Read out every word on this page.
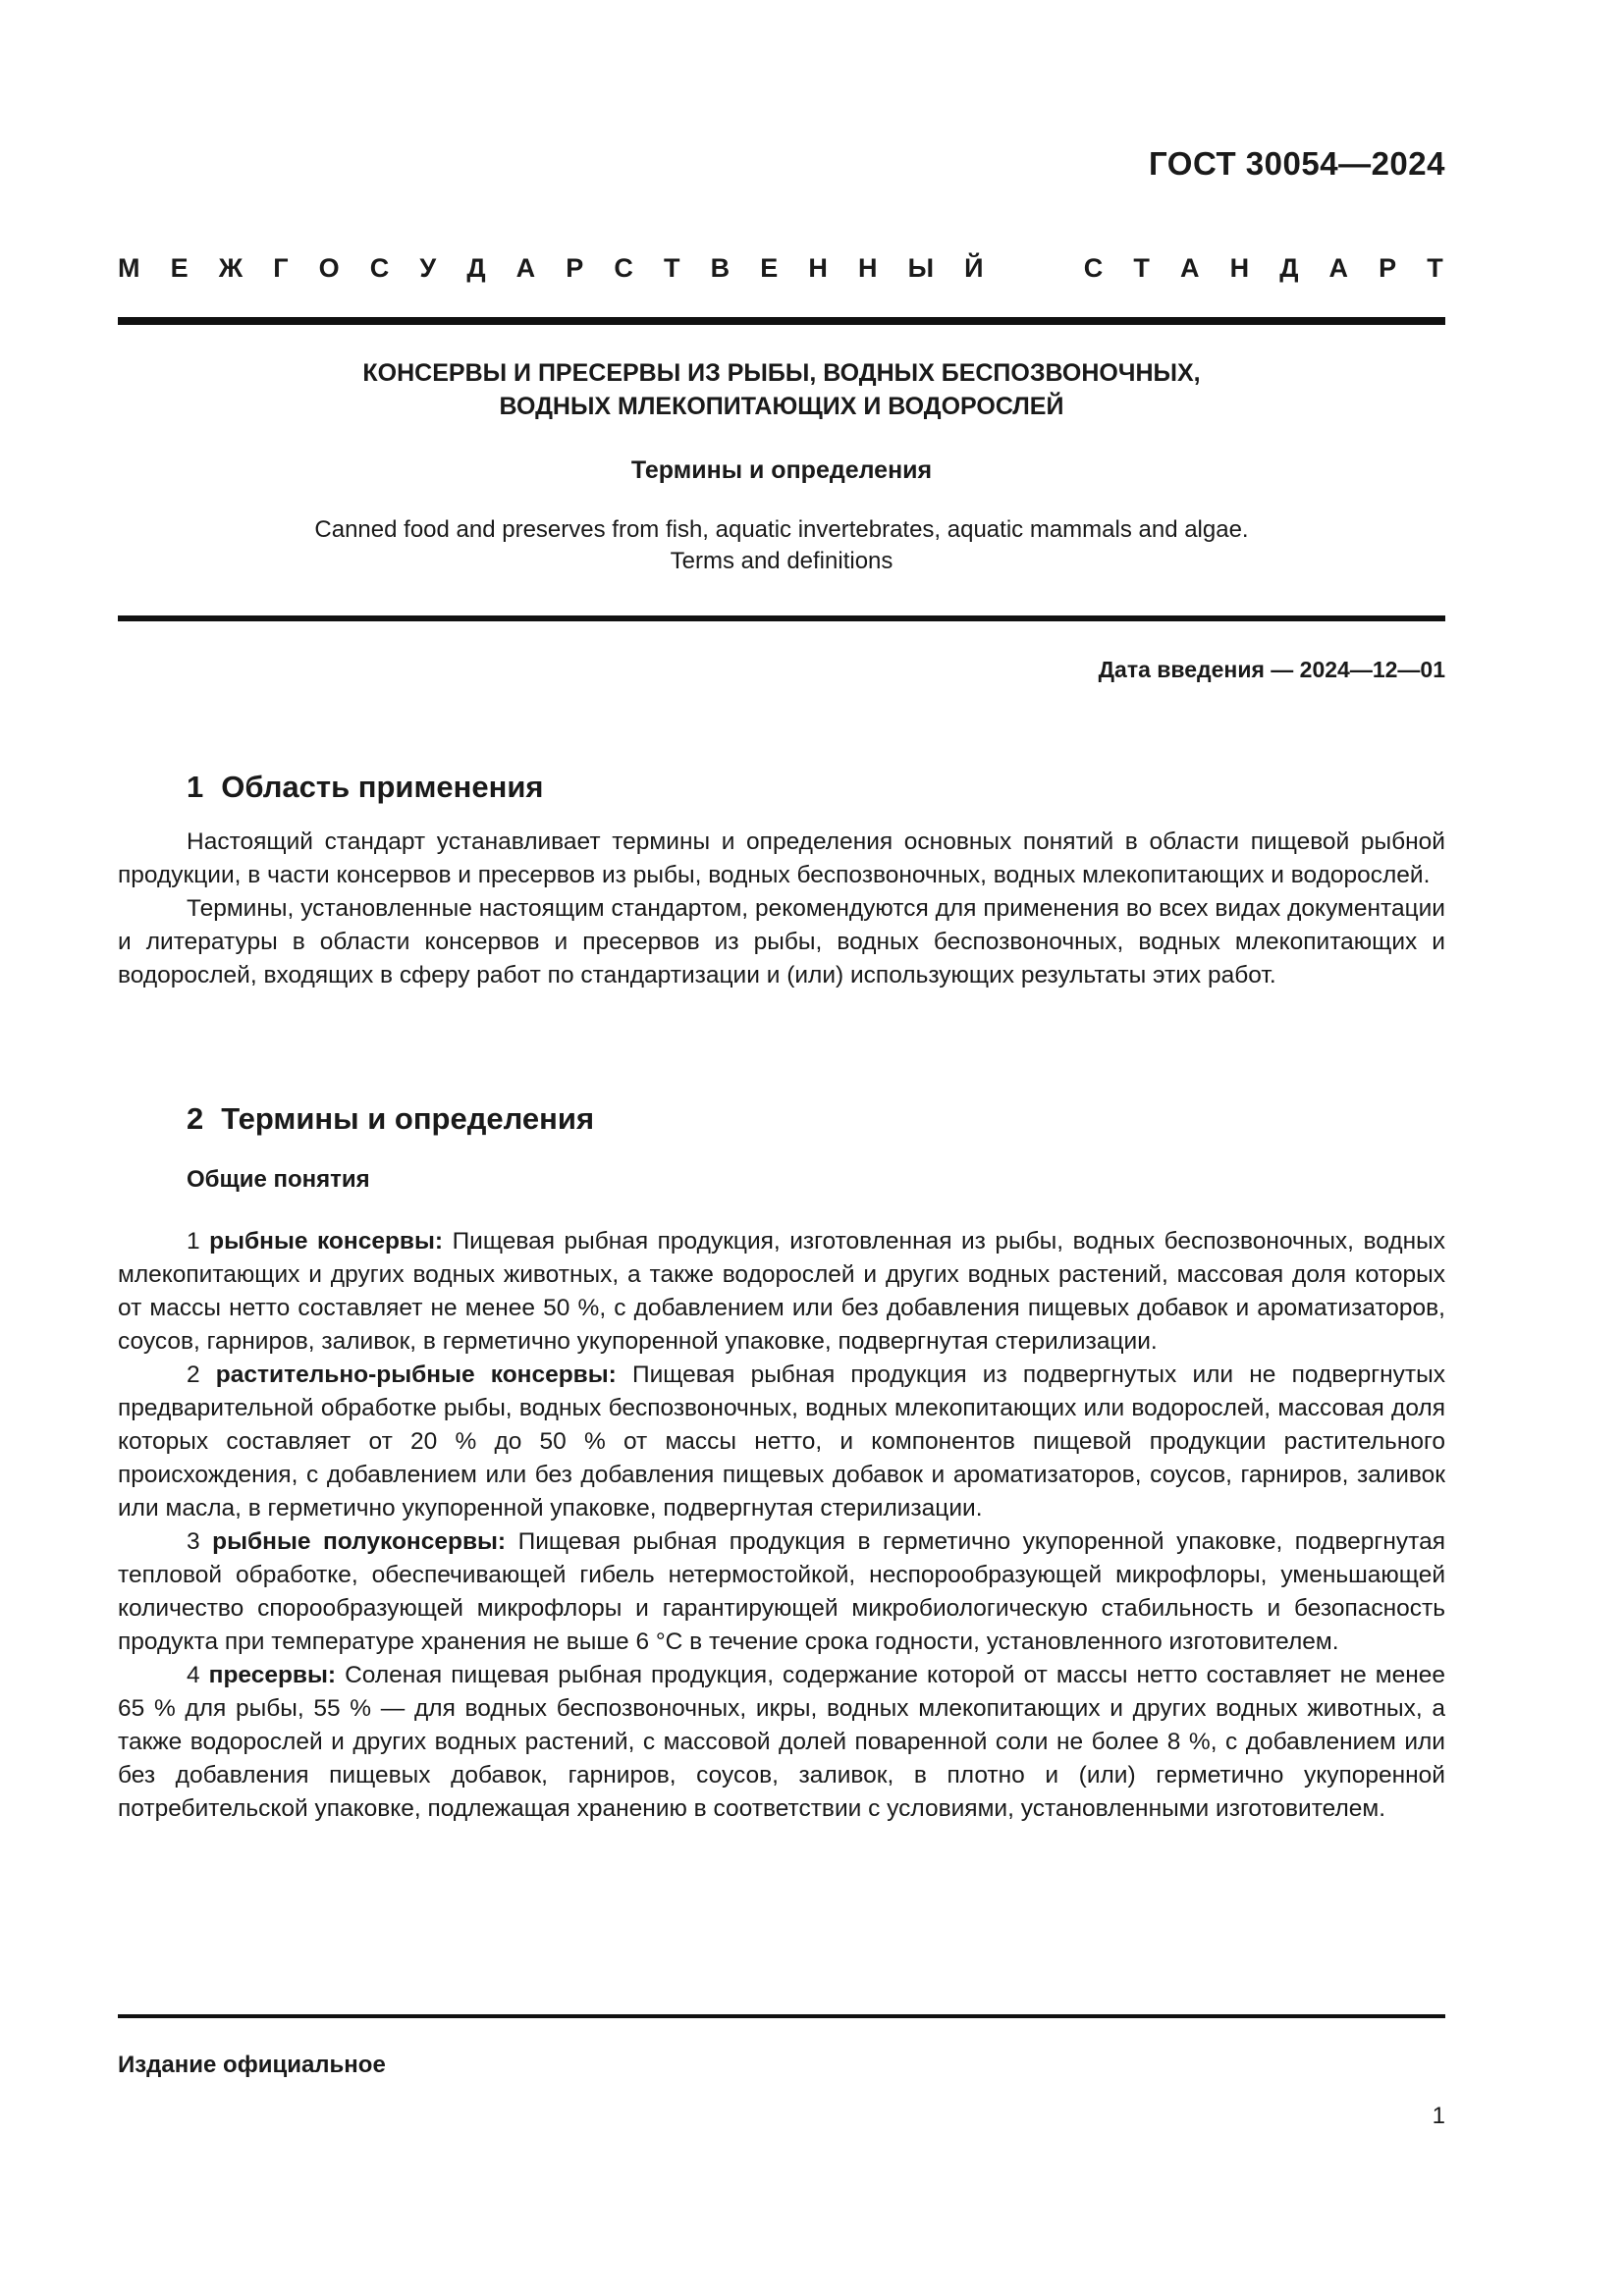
ГОСТ 30054—2024
М Е Ж Г О С У Д А Р С Т В Е Н Н Ы Й	С Т А Н Д А Р Т
КОНСЕРВЫ И ПРЕСЕРВЫ ИЗ РЫБЫ, ВОДНЫХ БЕСПОЗВОНОЧНЫХ,
ВОДНЫХ МЛЕКОПИТАЮЩИХ И ВОДОРОСЛЕЙ
Термины и определения
Canned food and preserves from fish, aquatic invertebrates, aquatic mammals and algae.
Terms and definitions
Дата введения — 2024—12—01
1 Область применения

Настоящий стандарт устанавливает термины и определения основных понятий в области пищевой рыбной продукции, в части консервов и пресервов из рыбы, водных беспозвоночных, водных млекопитающих и водорослей.

Термины, установленные настоящим стандартом, рекомендуются для применения во всех видах документации и литературы в области консервов и пресервов из рыбы, водных беспозвоночных, водных млекопитающих и водорослей, входящих в сферу работ по стандартизации и (или) использующих результаты этих работ.

2 Термины и определения
Общие понятия

1 рыбные консервы: Пищевая рыбная продукция, изготовленная из рыбы, водных беспозвоночных, водных млекопитающих и других водных животных, а также водорослей и других водных растений, массовая доля которых от массы нетто составляет не менее 50 %, с добавлением или без добавления пищевых добавок и ароматизаторов, соусов, гарниров, заливок, в герметично укупоренной упаковке, подвергнутая стерилизации.

2 растительно-рыбные консервы: Пищевая рыбная продукция из подвергнутых или не подвергнутых предварительной обработке рыбы, водных беспозвоночных, водных млекопитающих или водорослей, массовая доля которых составляет от 20 % до 50 % от массы нетто, и компонентов пищевой продукции растительного происхождения, с добавлением или без добавления пищевых добавок и ароматизаторов, соусов, гарниров, заливок или масла, в герметично укупоренной упаковке, подвергнутая стерилизации.

3 рыбные полуконсервы: Пищевая рыбная продукция в герметично укупоренной упаковке, подвергнутая тепловой обработке, обеспечивающей гибель нетермостойкой, неспорообразующей микрофлоры, уменьшающей количество спорообразующей микрофлоры и гарантирующей микробиологическую стабильность и безопасность продукта при температуре хранения не выше 6 °C в течение срока годности, установленного изготовителем.

4 пресервы: Соленая пищевая рыбная продукция, содержание которой от массы нетто составляет не менее 65 % для рыбы, 55 % — для водных беспозвоночных, икры, водных млекопитающих и других водных животных, а также водорослей и других водных растений, с массовой долей поваренной соли не более 8 %, с добавлением или без добавления пищевых добавок, гарниров, соусов, заливок, в плотно и (или) герметично укупоренной потребительской упаковке, подлежащая хранению в соответствии с условиями, установленными изготовителем.

Издание официальное
1
